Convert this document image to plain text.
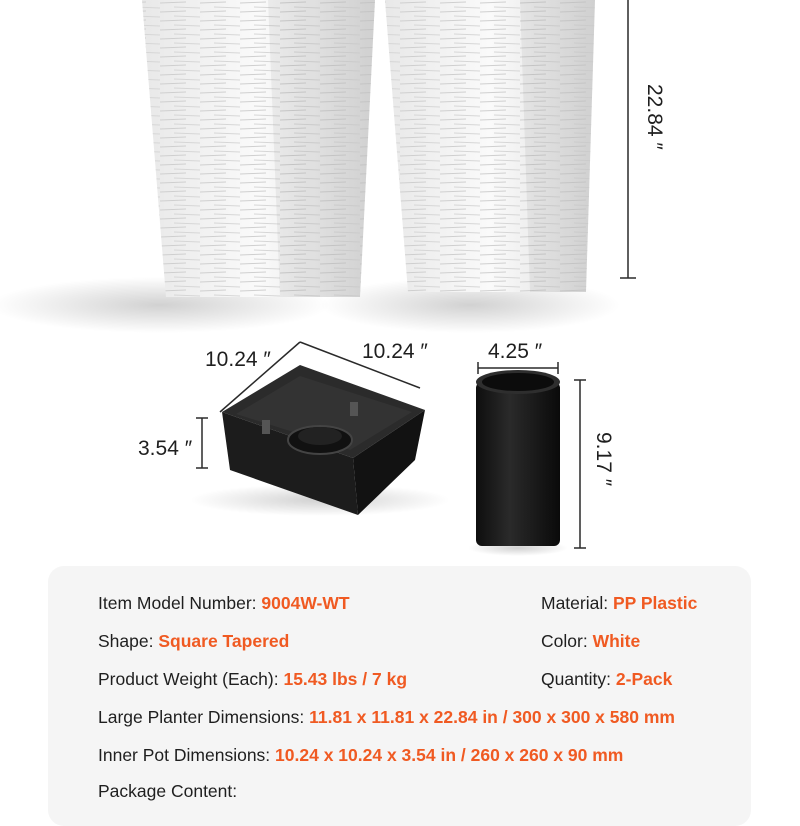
22.84 ″
10.24 ″	10.24 ″
3.54 ″
4.25 ″
9.17 ″
Item Model Number: 9004W-WT	Material: PP Plastic
Shape: Square Tapered	Color: White
Product Weight (Each): 15.43 lbs / 7 kg	Quantity: 2-Pack
Large Planter Dimensions: 11.81 x 11.81 x 22.84 in / 300 x 300 x 580 mm
Inner Pot Dimensions: 10.24 x 10.24 x 3.54 in / 260 x 260 x 90 mm
Package Content:
